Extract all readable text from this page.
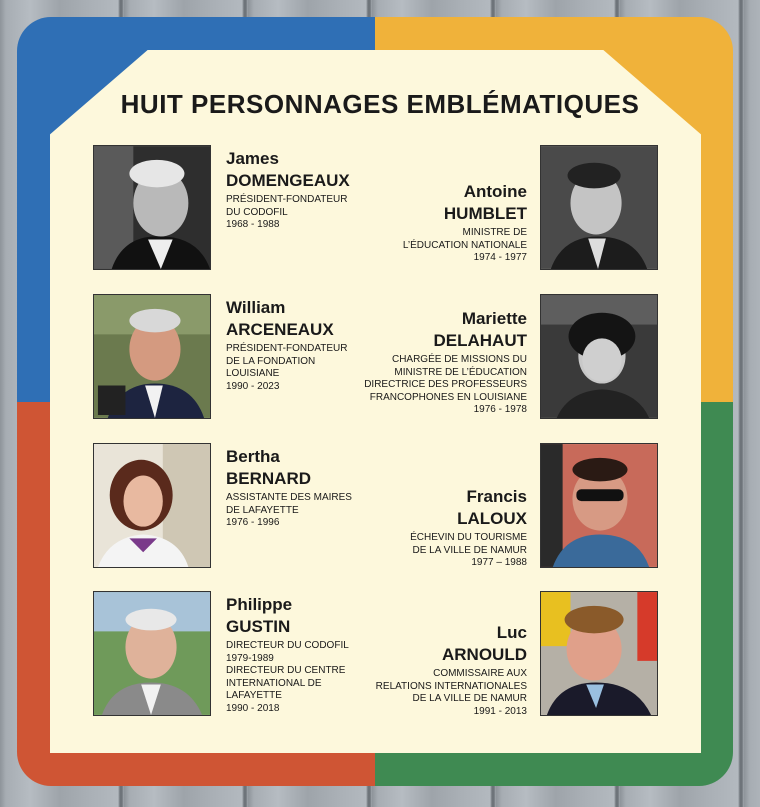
HUIT PERSONNAGES EMBLÉMATIQUES
James
DOMENGEAUX
PRÉSIDENT-FONDATEUR
DU CODOFIL
1968 - 1988
Antoine
HUMBLET
MINISTRE DE
L’ÉDUCATION NATIONALE
1974 - 1977
William
ARCENEAUX
PRÉSIDENT-FONDATEUR
DE LA FONDATION
LOUISIANE
1990 - 2023
Mariette
DELAHAUT
CHARGÉE DE MISSIONS DU
MINISTRE DE L’ÉDUCATION
DIRECTRICE DES PROFESSEURS
FRANCOPHONES EN LOUISIANE
1976 - 1978
Bertha
BERNARD
ASSISTANTE DES MAIRES
DE LAFAYETTE
1976 - 1996
Francis
LALOUX
ÉCHEVIN DU TOURISME
DE LA VILLE DE NAMUR
1977 – 1988
Philippe
GUSTIN
DIRECTEUR DU CODOFIL
1979-1989
DIRECTEUR DU CENTRE
INTERNATIONAL DE
LAFAYETTE
1990 - 2018
Luc
ARNOULD
COMMISSAIRE AUX
RELATIONS INTERNATIONALES
DE LA VILLE DE NAMUR
1991 - 2013
